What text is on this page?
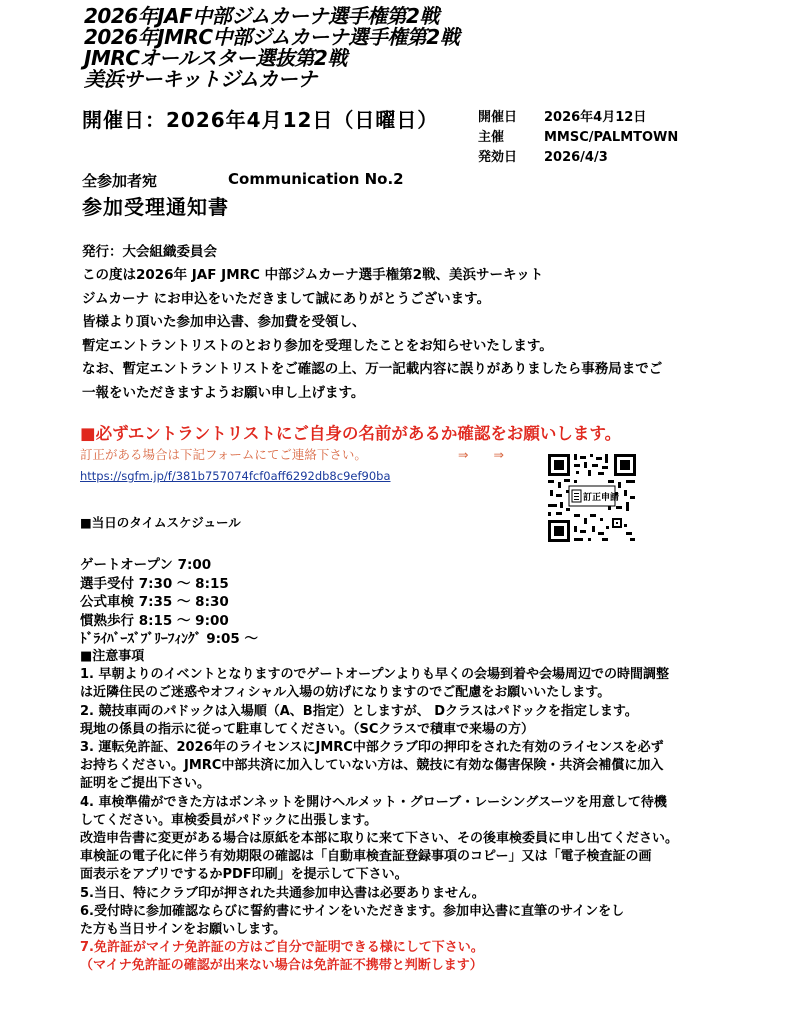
2026年JAF中部ジムカーナ選手権第2戦
2026年JMRC中部ジムカーナ選手権第2戦
JMRCオールスター選抜第2戦
美浜サーキットジムカーナ
開催日：2026年4月12日（日曜日）	開催日 2026年4月12日
主催	MMSC/PALMTOWN
発効日 2026/4/3
全参加者宛	Communication No.2
参加受理通知書
発行：大会組織委員会
この度は2026年 JAF JMRC 中部ジムカーナ選手権第2戦、美浜サーキット
ジムカーナ にお申込をいただきまして誠にありがとうございます。
皆様より頂いた参加申込書、参加費を受領し、
暫定エントラントリストのとおり参加を受理したことをお知らせいたします。
なお、暫定エントラントリストをご確認の上、万一記載内容に誤りがありましたら事務局までご
一報をいただきますようお願い申し上げます。
■必ずエントラントリストにご自身の名前があるか確認をお願いします。
訂正がある場合は下記フォームにてご連絡下さい。	⇒　　⇒
https://sgfm.jp/f/381b757074fcf0aff6292db8c9ef90ba
訂正申請
■当日のタイムスケジュール
ゲートオープン 7:00
選手受付 7:30 ～ 8:15
公式車検 7:35 ～ 8:30
慣熟歩行 8:15 ～ 9:00
ﾄﾞﾗｲﾊﾞｰｽﾞﾌﾞﾘｰﾌｨﾝｸﾞ 9:05 ～
■注意事項
1. 早朝よりのイベントとなりますのでゲートオープンよりも早くの会場到着や会場周辺での時間調整
は近隣住民のご迷惑やオフィシャル入場の妨げになりますのでご配慮をお願いいたします。
2. 競技車両のパドックは入場順（A、B指定）としますが、 Dクラスはパドックを指定します。
現地の係員の指示に従って駐車してください。（SCクラスで積車で来場の方）
3. 運転免許証、2026年のライセンスにJMRC中部クラブ印の押印をされた有効のライセンスを必ず
お持ちください。JMRC中部共済に加入していない方は、競技に有効な傷害保険・共済会補償に加入
証明をご提出下さい。
4. 車検準備ができた方はボンネットを開けヘルメット・グローブ・レーシングスーツを用意して待機
してください。車検委員がパドックに出張します。
改造申告書に変更がある場合は原紙を本部に取りに来て下さい、その後車検委員に申し出てください。
車検証の電子化に伴う有効期限の確認は「自動車検査証登録事項のコピー」又は「電子検査証の画
面表示をアプリでするかPDF印刷」を提示して下さい。
5.当日、特にクラブ印が押された共通参加申込書は必要ありません。
6.受付時に参加確認ならびに誓約書にサインをいただきます。参加申込書に直筆のサインをし
た方も当日サインをお願いします。
7.免許証がマイナ免許証の方はご自分で証明できる様にして下さい。
（マイナ免許証の確認が出来ない場合は免許証不携帯と判断します）
